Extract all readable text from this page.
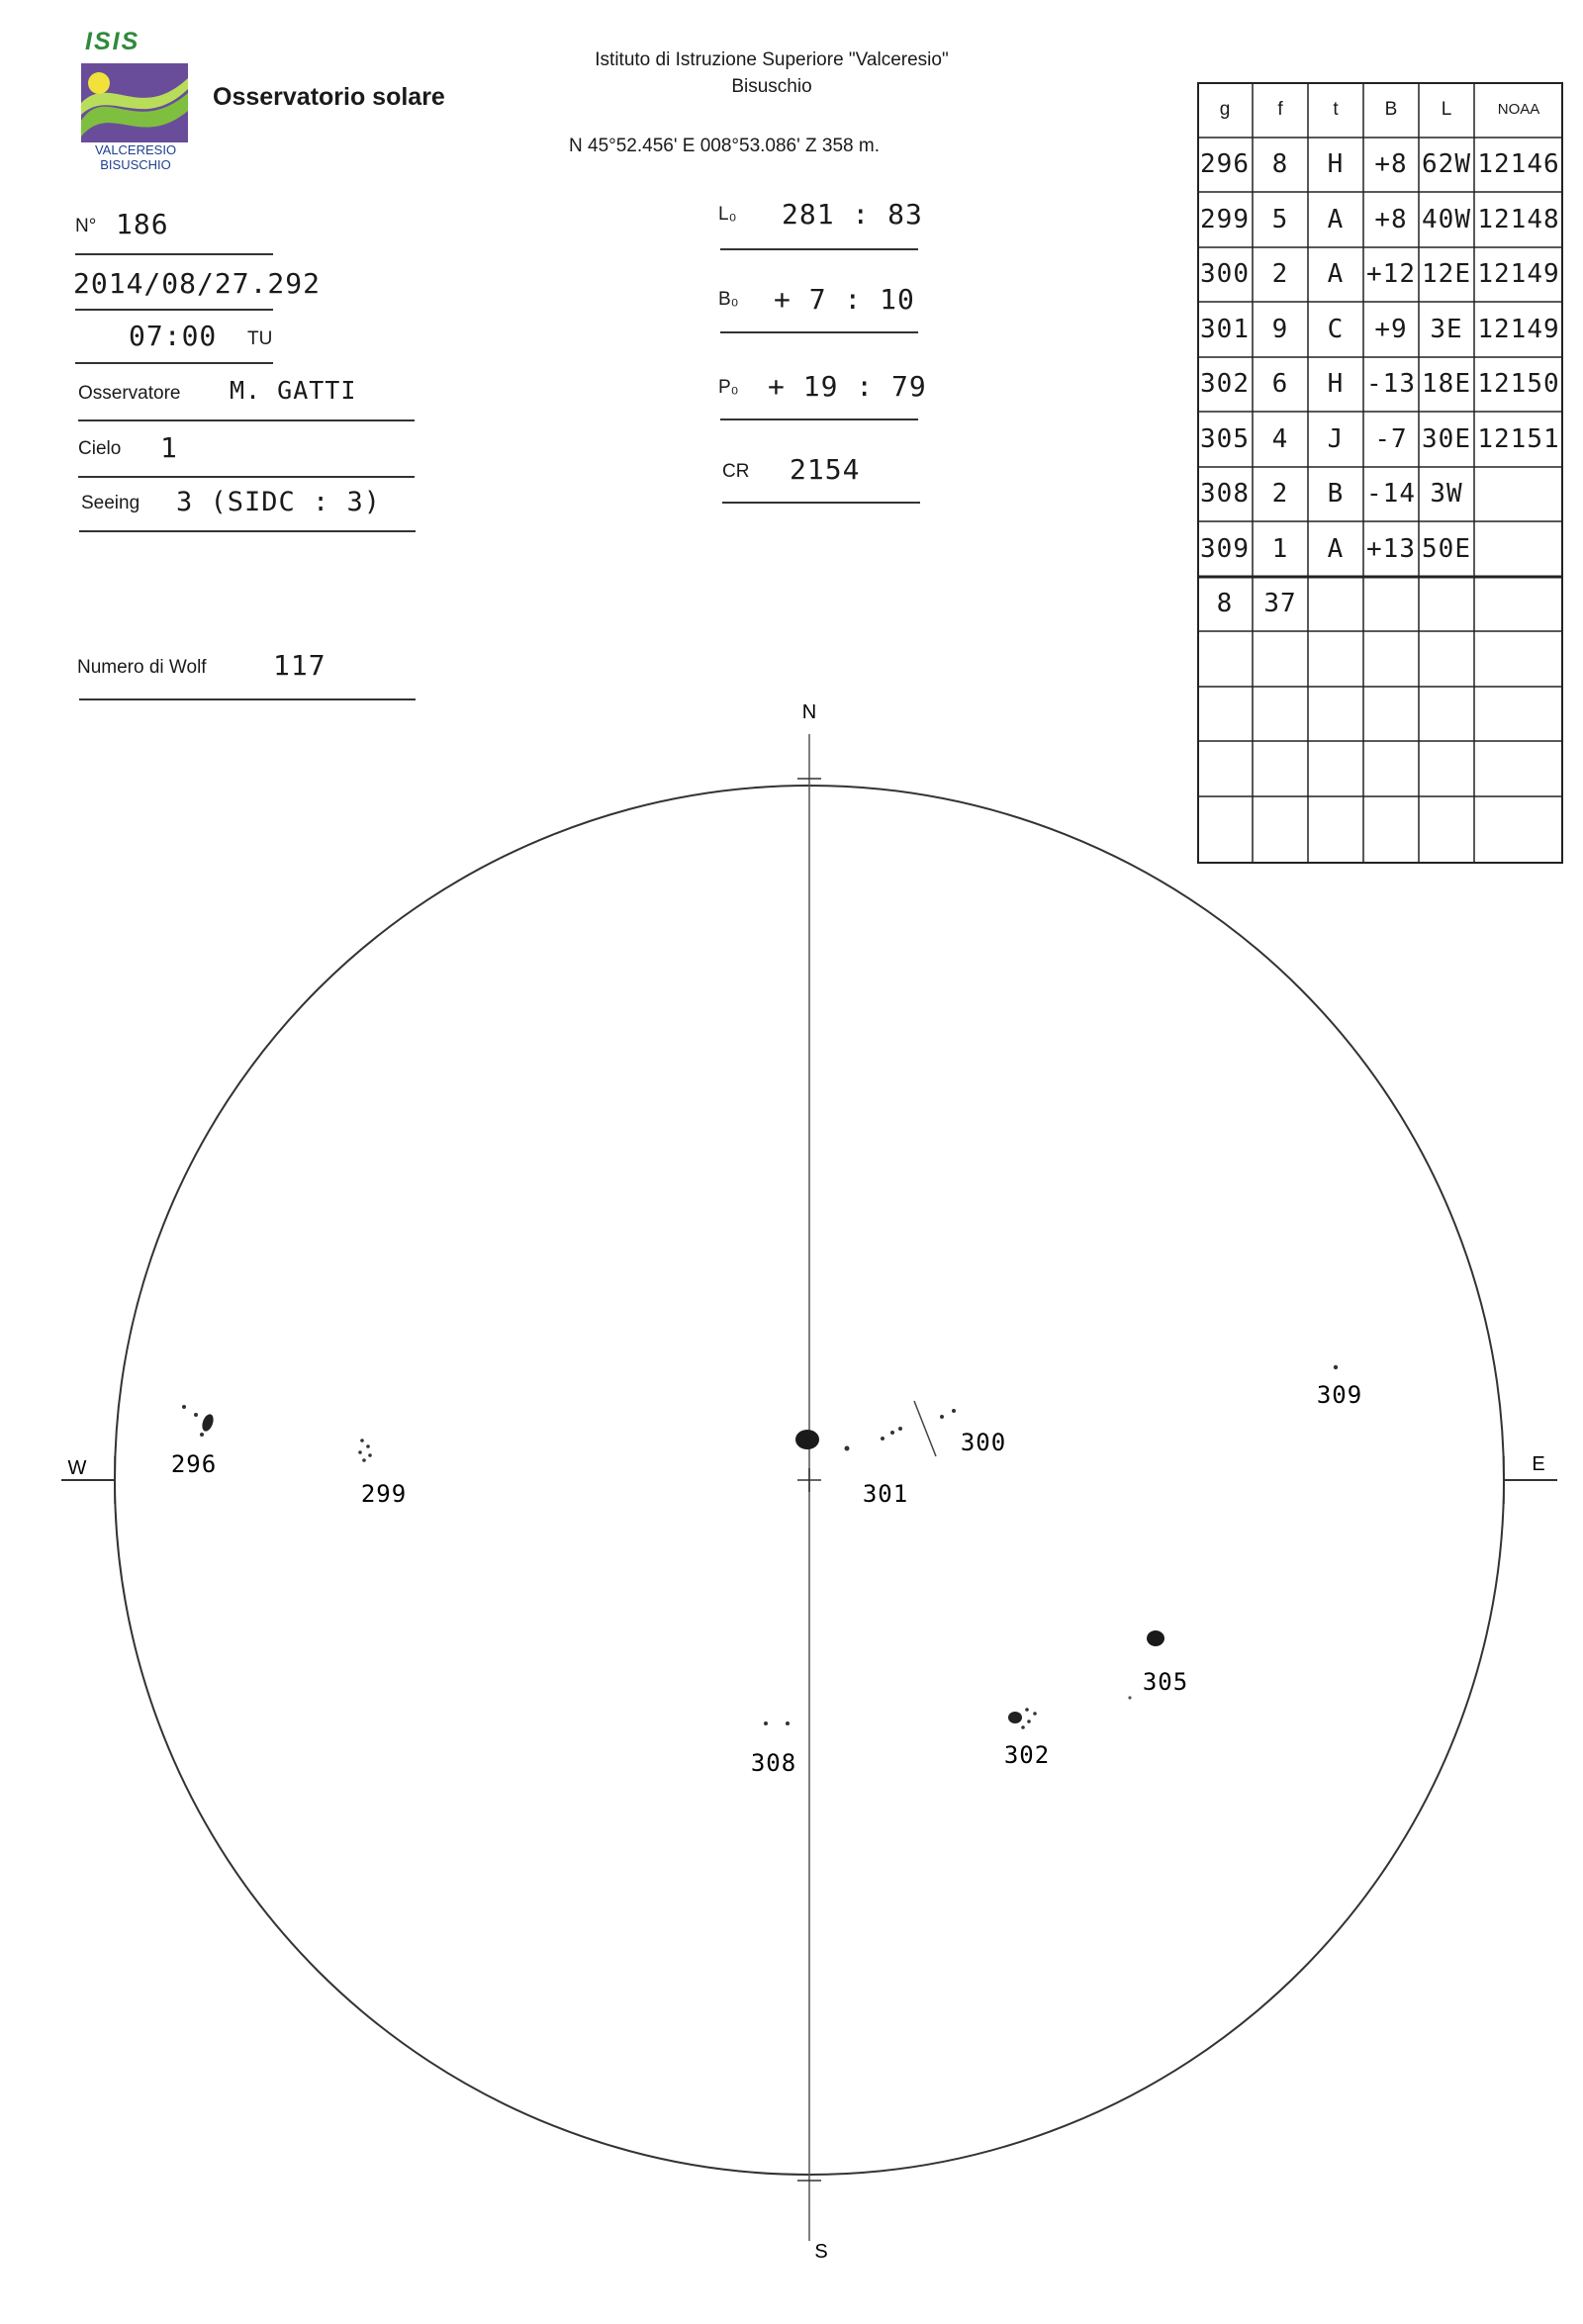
ISIS
VALCERESIO
BISUSCHIO
Osservatorio solare
Istituto di Istruzione Superiore "Valceresio"
Bisuschio
N 45°52.456' E 008°53.086' Z 358 m.
N° 186
2014/08/27.292
07:00 TU
Osservatore M. GATTI
Cielo 1
Seeing 3 (SIDC : 3)
Numero di Wolf 117
L₀ 281 : 83
B₀ + 7 : 10
P₀ + 19 : 79
CR 2154
g	f	t	B	L	NOAA
296 8	H	+8 62W 12146
299 5	A	+8 40W 12148
300 2	A +12 12E 12149
301 9	C	+9 3E 12149
302 6	H -13 18E 12150
305 4	J	-7 30E 12151
308 2	B -14 3W
309 1	A +13 50E
8	37
N
S
W	E
296
299	301
300
309
305
302
308
